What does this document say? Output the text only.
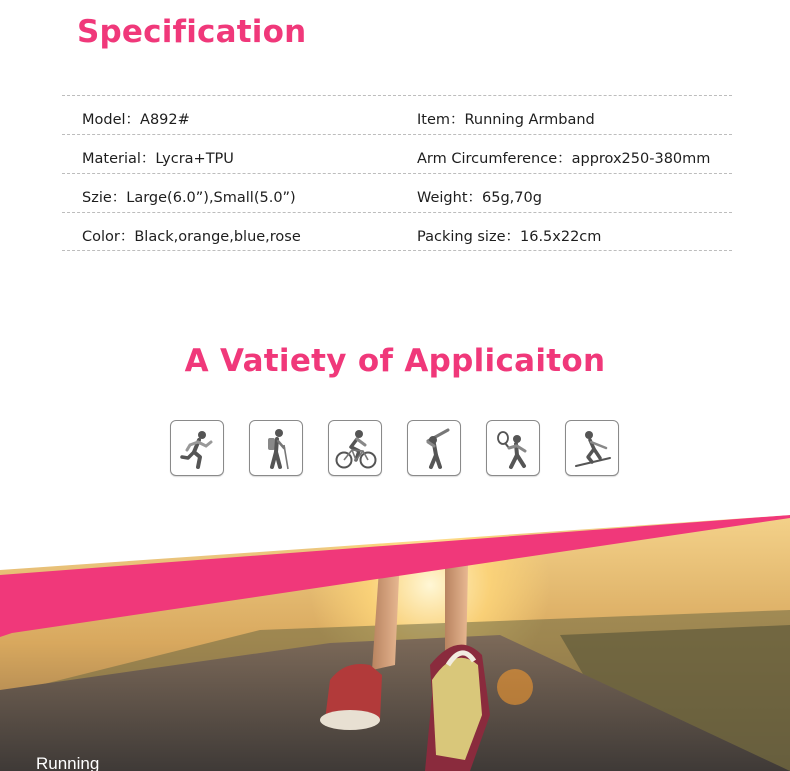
Specification
Model：A892#	Item：Running Armband
Material：Lycra+TPU	Arm Circumference：approx250-380mm
Szie：Large(6.0”),Small(5.0”)	Weight：65g,70g
Color：Black,orange,blue,rose	Packing size：16.5x22cm
A Vatiety of Applicaiton
Running
